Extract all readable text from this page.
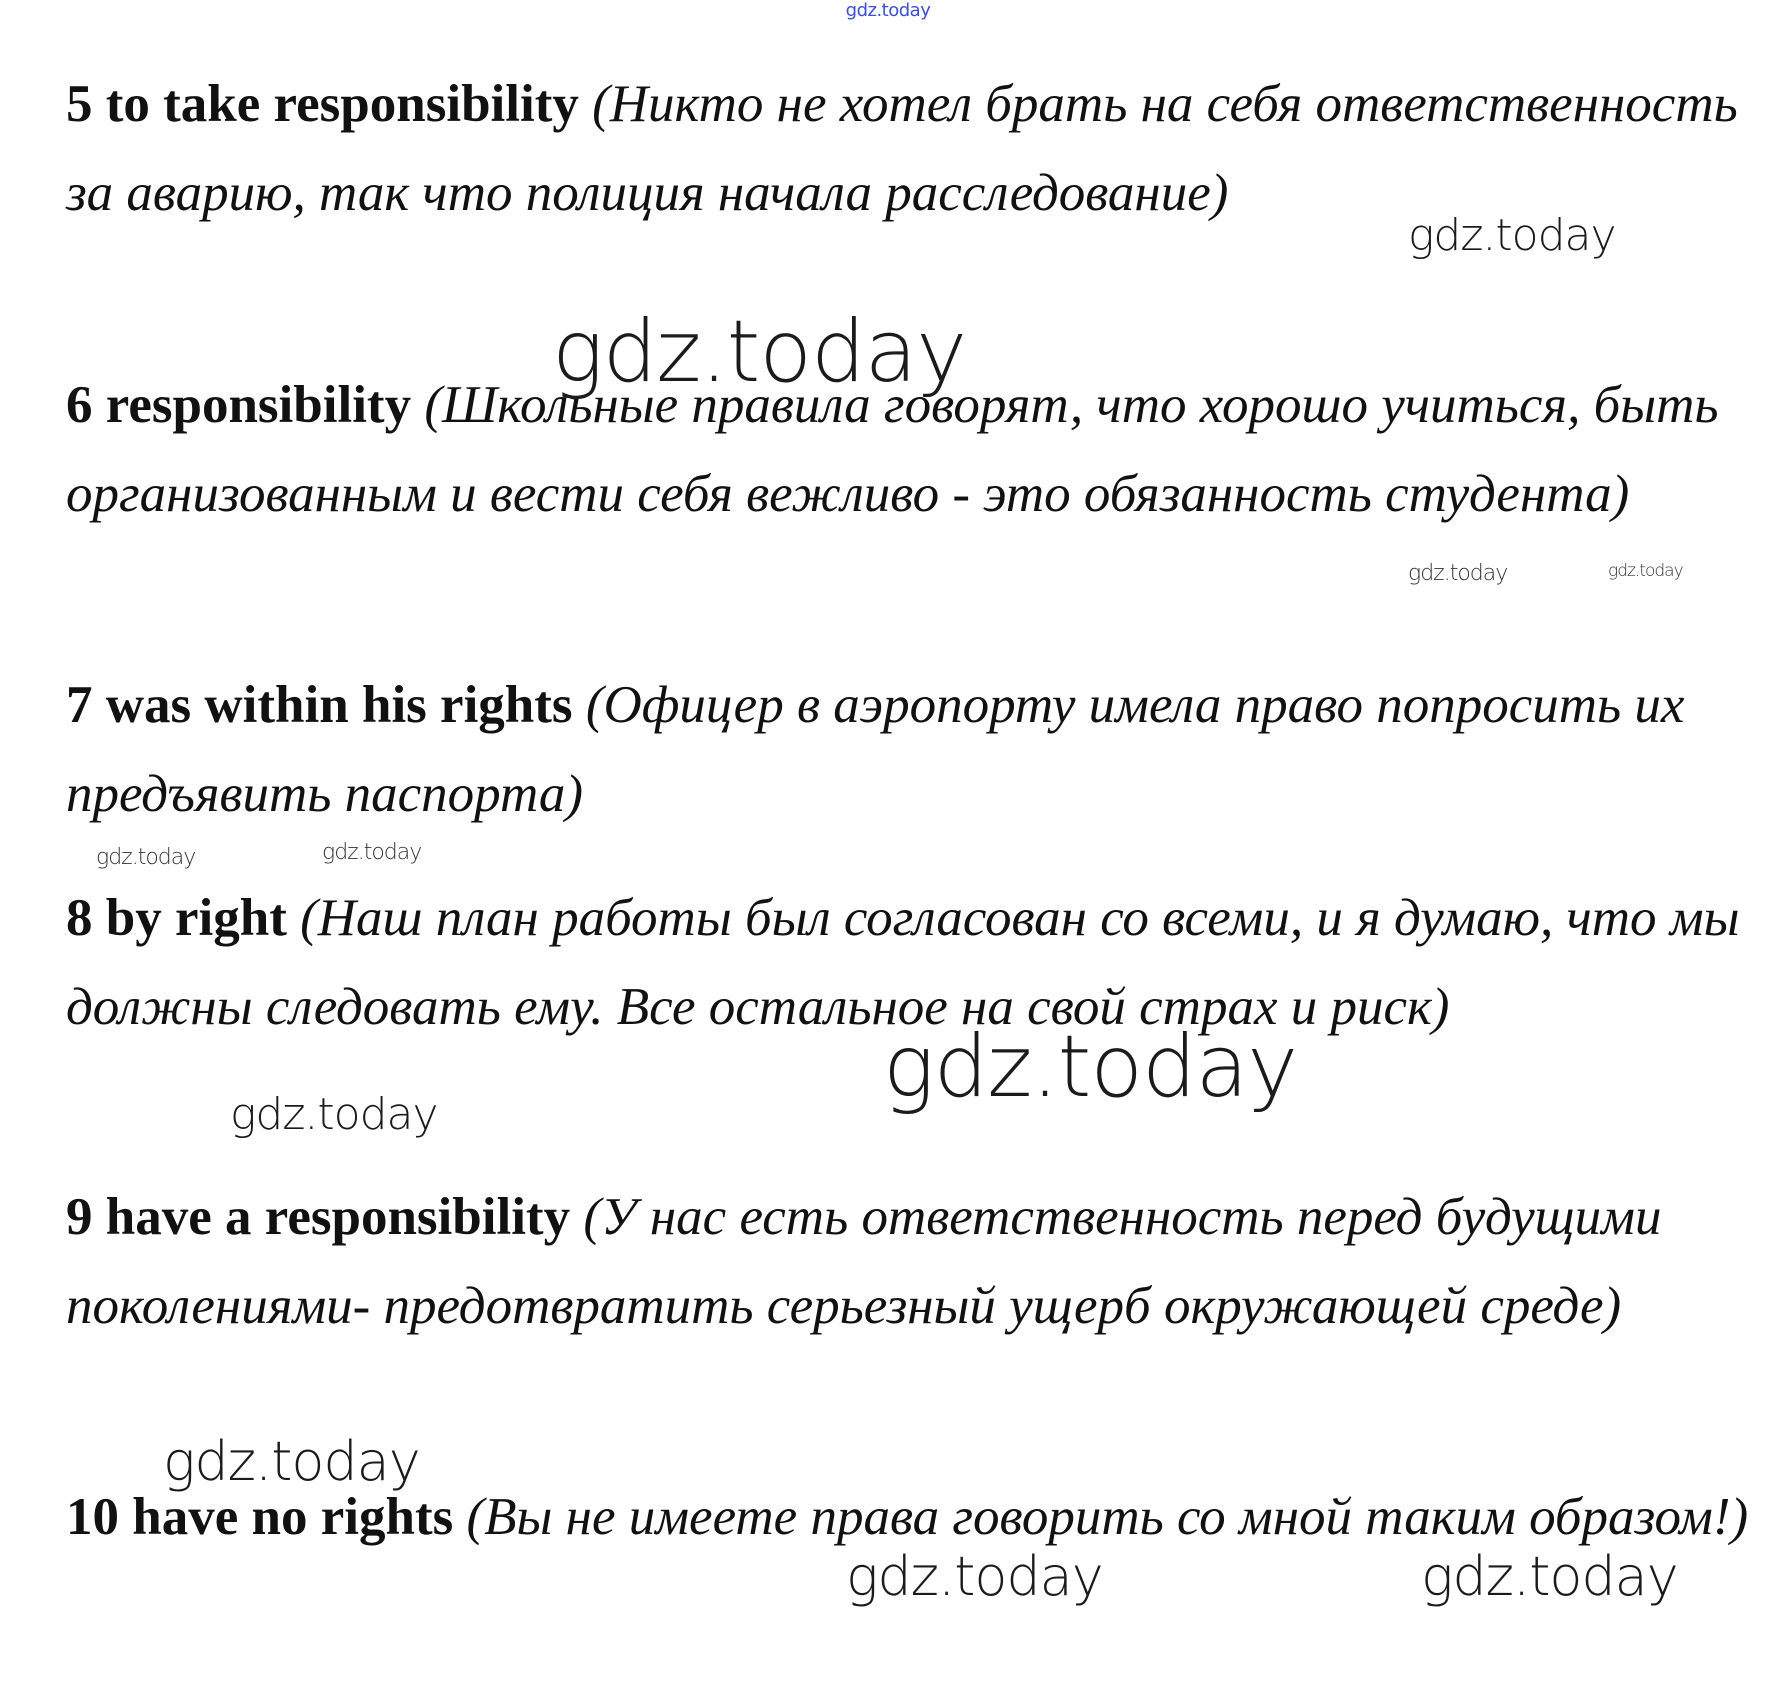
gdz.today

5 to take responsibility (Никто не хотел брать на себя ответственность за аварию, так что полиция начала расследование)

6 responsibility (Школьные правила говорят, что хорошо учиться, быть организованным и вести себя вежливо - это обязанность студента)

7 was within his rights (Офицер в аэропорту имела право попросить их предъявить паспорта)

8 by right (Наш план работы был согласован со всеми, и я думаю, что мы должны следовать ему. Все остальное на свой страх и риск)

9 have a responsibility (У нас есть ответственность перед будущими поколениями- предотвратить серьезный ущерб окружающей среде)

10 have no rights (Вы не имеете права говорить со мной таким образом!)

gdz.today
gdz.today
gdz.today	gdz.today
gdz.today	gdz.today
gdz.today
gdz.today
gdz.today
gdz.today	gdz.today
